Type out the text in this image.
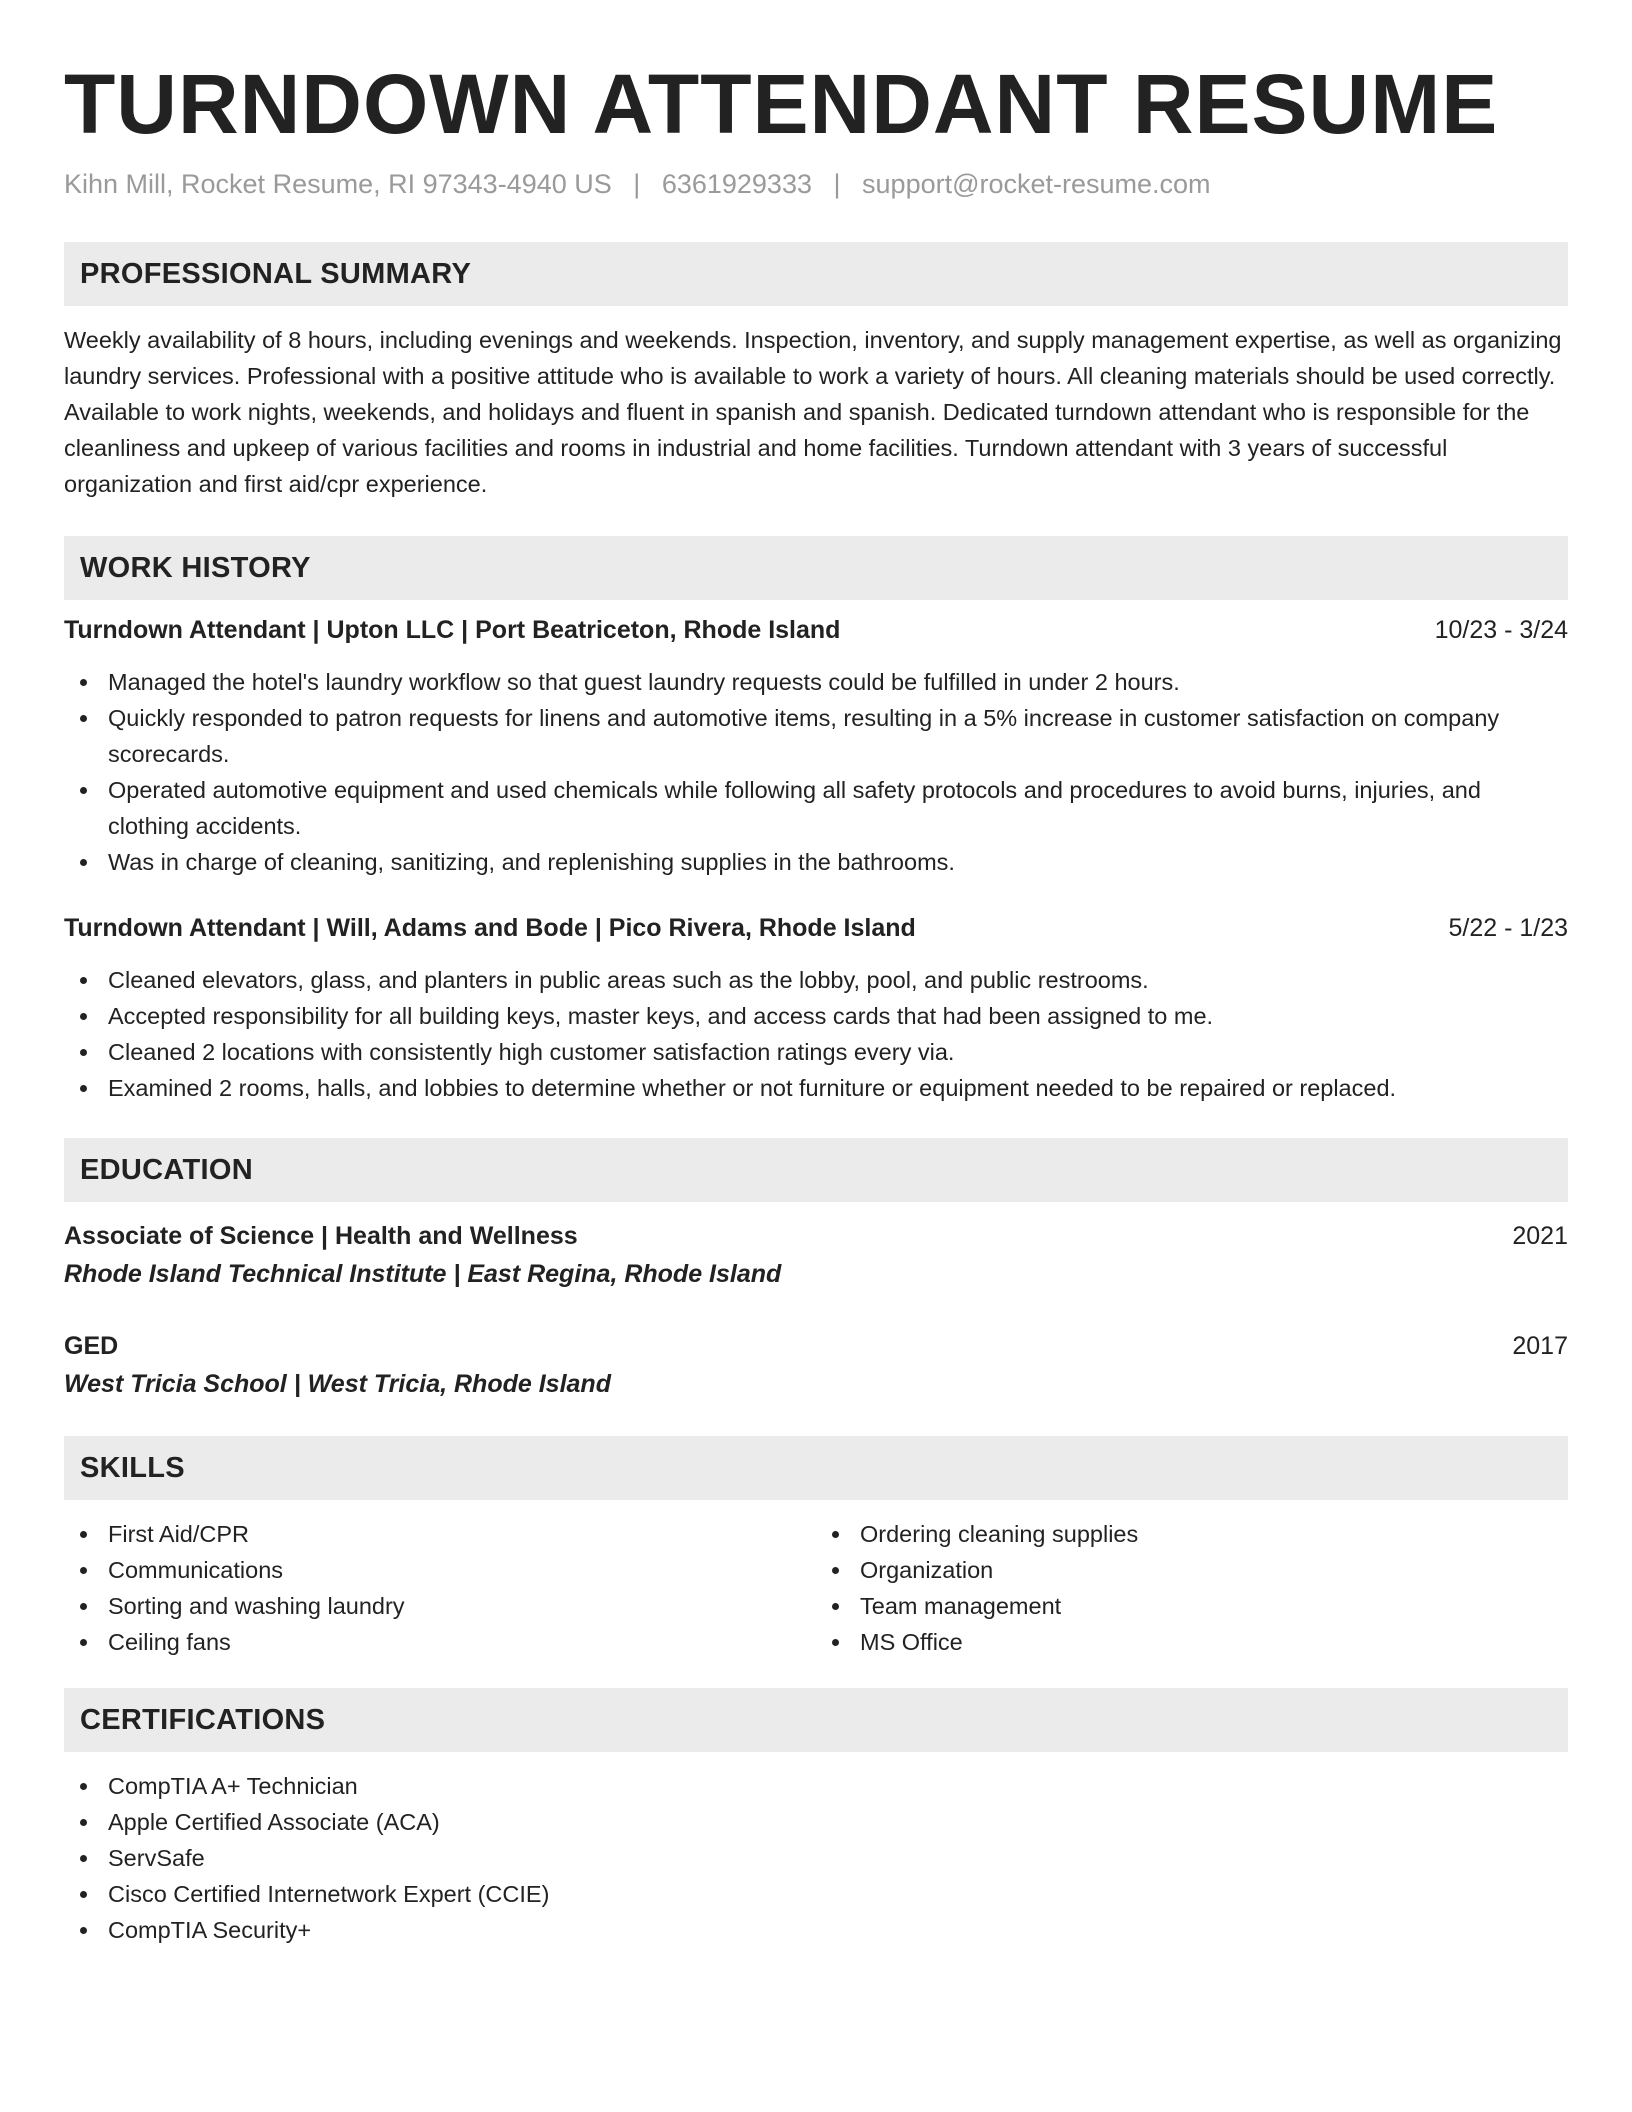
TURNDOWN ATTENDANT RESUME
Kihn Mill, Rocket Resume, RI 97343-4940 US | 6361929333 | support@rocket-resume.com
PROFESSIONAL SUMMARY

Weekly availability of 8 hours, including evenings and weekends. Inspection, inventory, and supply management expertise, as well as organizing laundry services. Professional with a positive attitude who is available to work a variety of hours. All cleaning materials should be used correctly. Available to work nights, weekends, and holidays and fluent in spanish and spanish. Dedicated turndown attendant who is responsible for the cleanliness and upkeep of various facilities and rooms in industrial and home facilities. Turndown attendant with 3 years of successful organization and first aid/cpr experience.

WORK HISTORY
Turndown Attendant | Upton LLC | Port Beatriceton, Rhode Island	10/23 - 3/24
Managed the hotel's laundry workflow so that guest laundry requests could be fulfilled in under 2 hours.
Quickly responded to patron requests for linens and automotive items, resulting in a 5% increase in customer satisfaction on company scorecards.
Operated automotive equipment and used chemicals while following all safety protocols and procedures to avoid burns, injuries, and clothing accidents.
Was in charge of cleaning, sanitizing, and replenishing supplies in the bathrooms.
Turndown Attendant | Will, Adams and Bode | Pico Rivera, Rhode Island	5/22 - 1/23
Cleaned elevators, glass, and planters in public areas such as the lobby, pool, and public restrooms.
Accepted responsibility for all building keys, master keys, and access cards that had been assigned to me.
Cleaned 2 locations with consistently high customer satisfaction ratings every via.
Examined 2 rooms, halls, and lobbies to determine whether or not furniture or equipment needed to be repaired or replaced.
EDUCATION
Associate of Science | Health and Wellness	2021
Rhode Island Technical Institute | East Regina, Rhode Island
GED	2017
West Tricia School | West Tricia, Rhode Island
SKILLS
First Aid/CPR
Communications
Sorting and washing laundry
Ceiling fans
Ordering cleaning supplies
Organization
Team management
MS Office
CERTIFICATIONS
CompTIA A+ Technician
Apple Certified Associate (ACA)
ServSafe
Cisco Certified Internetwork Expert (CCIE)
CompTIA Security+
